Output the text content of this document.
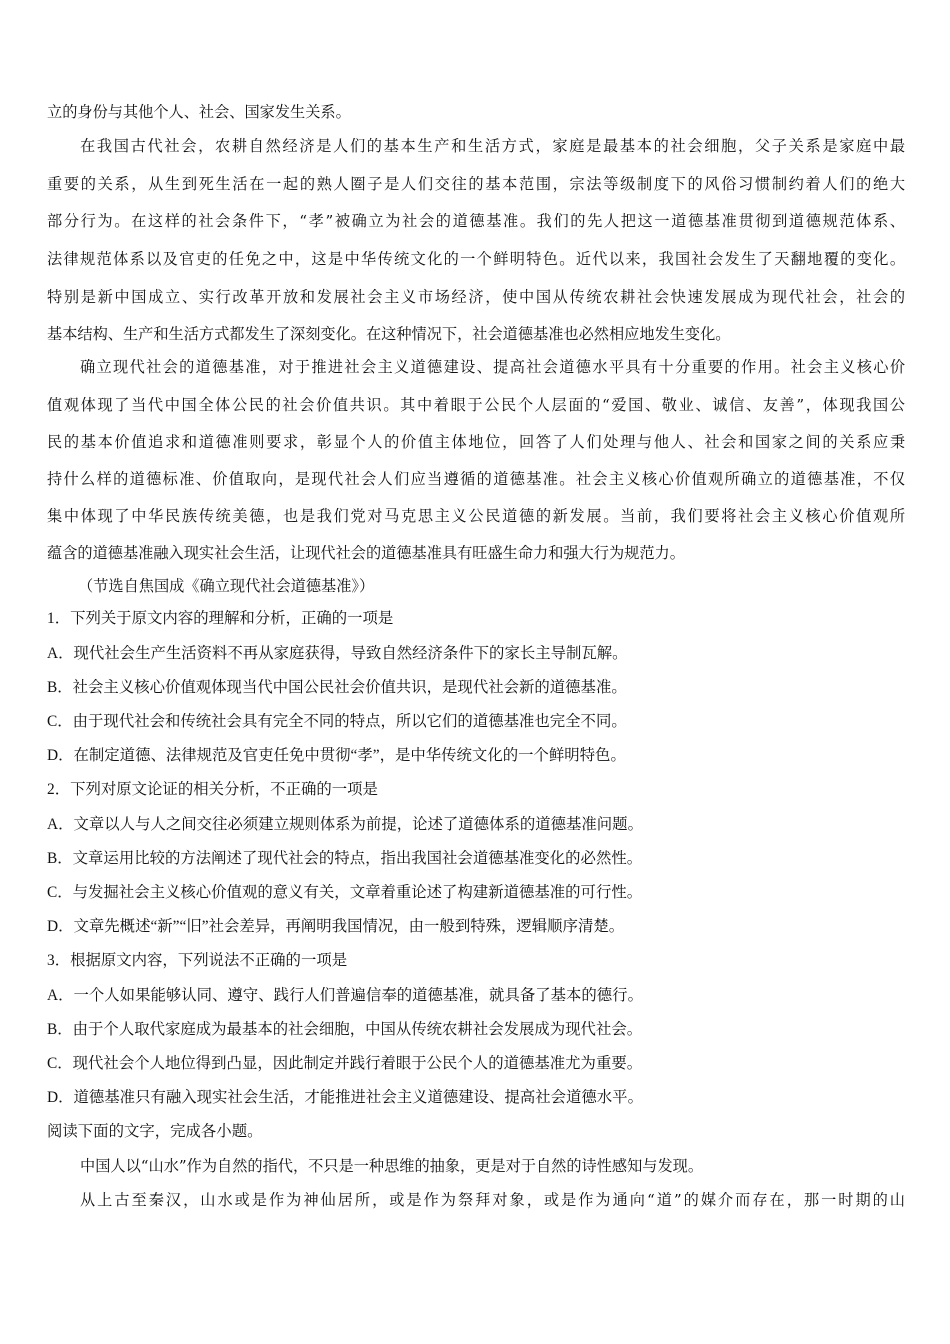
立的身份与其他个人、社会、国家发生关系。
在我国古代社会，农耕自然经济是人们的基本生产和生活方式，家庭是最基本的社会细胞，父子关系是家庭中最
重要的关系，从生到死生活在一起的熟人圈子是人们交往的基本范围，宗法等级制度下的风俗习惯制约着人们的绝大
部分行为。在这样的社会条件下，“孝”被确立为社会的道德基准。我们的先人把这一道德基准贯彻到道德规范体系、
法律规范体系以及官吏的任免之中，这是中华传统文化的一个鲜明特色。近代以来，我国社会发生了天翻地覆的变化。
特别是新中国成立、实行改革开放和发展社会主义市场经济，使中国从传统农耕社会快速发展成为现代社会，社会的
基本结构、生产和生活方式都发生了深刻变化。在这种情况下，社会道德基准也必然相应地发生变化。
确立现代社会的道德基准，对于推进社会主义道德建设、提高社会道德水平具有十分重要的作用。社会主义核心价
值观体现了当代中国全体公民的社会价值共识。其中着眼于公民个人层面的“爱国、敬业、诚信、友善”，体现我国公
民的基本价值追求和道德准则要求，彰显个人的价值主体地位，回答了人们处理与他人、社会和国家之间的关系应秉
持什么样的道德标准、价值取向，是现代社会人们应当遵循的道德基准。社会主义核心价值观所确立的道德基准，不仅
集中体现了中华民族传统美德，也是我们党对马克思主义公民道德的新发展。当前，我们要将社会主义核心价值观所
蕴含的道德基准融入现实社会生活，让现代社会的道德基准具有旺盛生命力和强大行为规范力。
（节选自焦国成《确立现代社会道德基准》）
1．下列关于原文内容的理解和分析，正确的一项是
A．现代社会生产生活资料不再从家庭获得，导致自然经济条件下的家长主导制瓦解。
B．社会主义核心价值观体现当代中国公民社会价值共识，是现代社会新的道德基准。
C．由于现代社会和传统社会具有完全不同的特点，所以它们的道德基准也完全不同。
D．在制定道德、法律规范及官吏任免中贯彻“孝”，是中华传统文化的一个鲜明特色。
2．下列对原文论证的相关分析，不正确的一项是
A．文章以人与人之间交往必须建立规则体系为前提，论述了道德体系的道德基准问题。
B．文章运用比较的方法阐述了现代社会的特点，指出我国社会道德基准变化的必然性。
C．与发掘社会主义核心价值观的意义有关，文章着重论述了构建新道德基准的可行性。
D．文章先概述“新”“旧”社会差异，再阐明我国情况，由一般到特殊，逻辑顺序清楚。
3．根据原文内容，下列说法不正确的一项是
A．一个人如果能够认同、遵守、践行人们普遍信奉的道德基准，就具备了基本的德行。
B．由于个人取代家庭成为最基本的社会细胞，中国从传统农耕社会发展成为现代社会。
C．现代社会个人地位得到凸显，因此制定并践行着眼于公民个人的道德基准尤为重要。
D．道德基准只有融入现实社会生活，才能推进社会主义道德建设、提高社会道德水平。
阅读下面的文字，完成各小题。
中国人以“山水”作为自然的指代，不只是一种思维的抽象，更是对于自然的诗性感知与发现。
从上古至秦汉，山水或是作为神仙居所，或是作为祭拜对象，或是作为通向“道”的媒介而存在，那一时期的山
